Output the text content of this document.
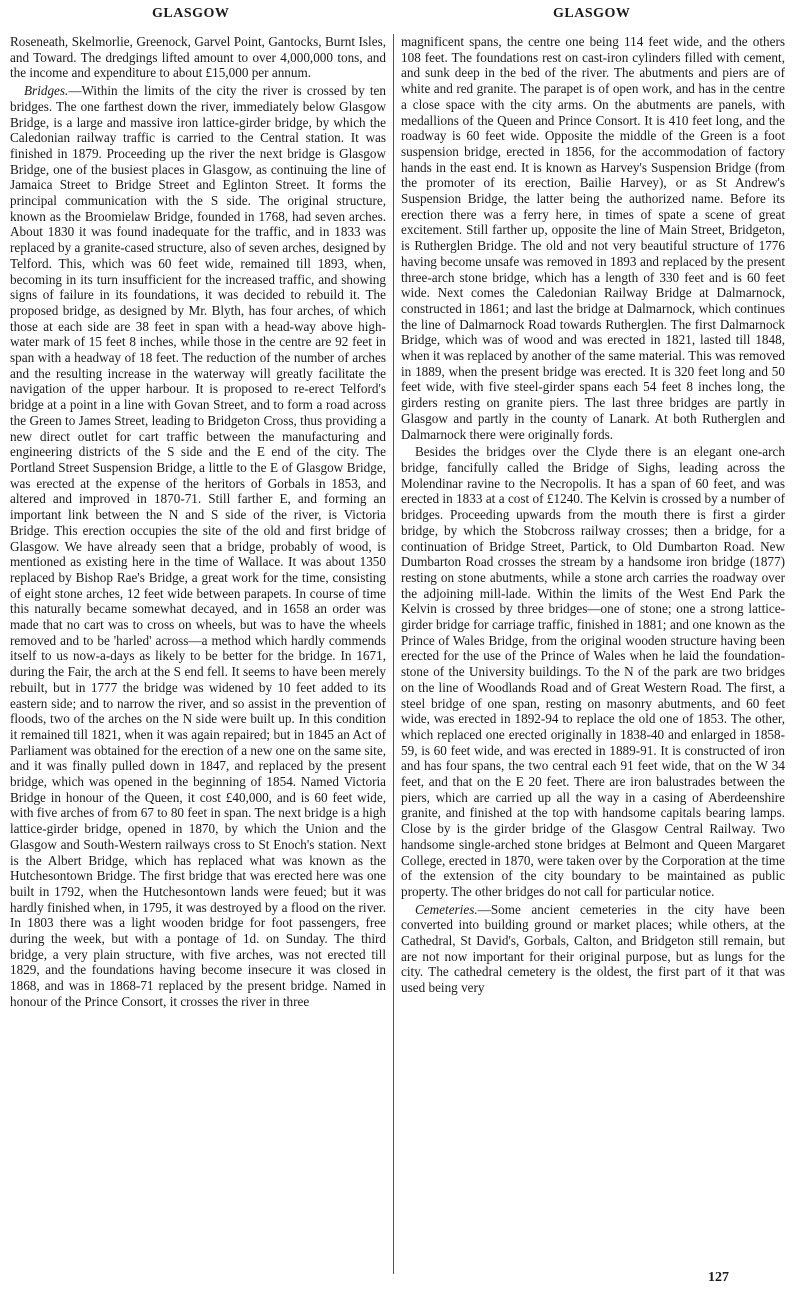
GLASGOW	GLASGOW

Roseneath, Skelmorlie, Greenock, Garvel Point, Gantocks, Burnt Isles, and Toward. The dredgings lifted amount to over 4,000,000 tons, and the income and expenditure to about £15,000 per annum.

Bridges.—Within the limits of the city the river is crossed by ten bridges. The one farthest down the river, immediately below Glasgow Bridge, is a large and massive iron lattice-girder bridge, by which the Caledonian railway traffic is carried to the Central station. It was finished in 1879. Proceeding up the river the next bridge is Glasgow Bridge, one of the busiest places in Glasgow, as continuing the line of Jamaica Street to Bridge Street and Eglinton Street. It forms the principal communication with the S side. The original structure, known as the Broomielaw Bridge, founded in 1768, had seven arches. About 1830 it was found inadequate for the traffic, and in 1833 was replaced by a granite-cased structure, also of seven arches, designed by Telford. This, which was 60 feet wide, remained till 1893, when, becoming in its turn insufficient for the increased traffic, and showing signs of failure in its foundations, it was decided to rebuild it. The proposed bridge, as designed by Mr. Blyth, has four arches, of which those at each side are 38 feet in span with a head-way above high-water mark of 15 feet 8 inches, while those in the centre are 92 feet in span with a headway of 18 feet. The reduction of the number of arches and the resulting increase in the waterway will greatly facilitate the navigation of the upper harbour. It is proposed to re-erect Telford's bridge at a point in a line with Govan Street, and to form a road across the Green to James Street, leading to Bridgeton Cross, thus providing a new direct outlet for cart traffic between the manufacturing and engineering districts of the S side and the E end of the city. The Portland Street Suspension Bridge, a little to the E of Glasgow Bridge, was erected at the expense of the heritors of Gorbals in 1853, and altered and improved in 1870-71. Still farther E, and forming an important link between the N and S side of the river, is Victoria Bridge. This erection occupies the site of the old and first bridge of Glasgow. We have already seen that a bridge, probably of wood, is mentioned as existing here in the time of Wallace. It was about 1350 replaced by Bishop Rae's Bridge, a great work for the time, consisting of eight stone arches, 12 feet wide between parapets. In course of time this naturally became somewhat decayed, and in 1658 an order was made that no cart was to cross on wheels, but was to have the wheels removed and to be 'harled' across—a method which hardly commends itself to us now-a-days as likely to be better for the bridge. In 1671, during the Fair, the arch at the S end fell. It seems to have been merely rebuilt, but in 1777 the bridge was widened by 10 feet added to its eastern side; and to narrow the river, and so assist in the prevention of floods, two of the arches on the N side were built up. In this condition it remained till 1821, when it was again repaired; but in 1845 an Act of Parliament was obtained for the erection of a new one on the same site, and it was finally pulled down in 1847, and replaced by the present bridge, which was opened in the beginning of 1854. Named Victoria Bridge in honour of the Queen, it cost £40,000, and is 60 feet wide, with five arches of from 67 to 80 feet in span. The next bridge is a high lattice-girder bridge, opened in 1870, by which the Union and the Glasgow and South-Western railways cross to St Enoch's station. Next is the Albert Bridge, which has replaced what was known as the Hutchesontown Bridge. The first bridge that was erected here was one built in 1792, when the Hutchesontown lands were feued; but it was hardly finished when, in 1795, it was destroyed by a flood on the river. In 1803 there was a light wooden bridge for foot passengers, free during the week, but with a pontage of 1d. on Sunday. The third bridge, a very plain structure, with five arches, was not erected till 1829, and the foundations having become insecure it was closed in 1868, and was in 1868-71 replaced by the present bridge. Named in honour of the Prince Consort, it crosses the river in three

magnificent spans, the centre one being 114 feet wide, and the others 108 feet. The foundations rest on cast-iron cylinders filled with cement, and sunk deep in the bed of the river. The abutments and piers are of white and red granite. The parapet is of open work, and has in the centre a close space with the city arms. On the abutments are panels, with medallions of the Queen and Prince Consort. It is 410 feet long, and the roadway is 60 feet wide. Opposite the middle of the Green is a foot suspension bridge, erected in 1856, for the accommodation of factory hands in the east end. It is known as Harvey's Suspension Bridge (from the promoter of its erection, Bailie Harvey), or as St Andrew's Suspension Bridge, the latter being the authorized name. Before its erection there was a ferry here, in times of spate a scene of great excitement. Still farther up, opposite the line of Main Street, Bridgeton, is Rutherglen Bridge. The old and not very beautiful structure of 1776 having become unsafe was removed in 1893 and replaced by the present three-arch stone bridge, which has a length of 330 feet and is 60 feet wide. Next comes the Caledonian Railway Bridge at Dalmarnock, constructed in 1861; and last the bridge at Dalmarnock, which continues the line of Dalmarnock Road towards Rutherglen. The first Dalmarnock Bridge, which was of wood and was erected in 1821, lasted till 1848, when it was replaced by another of the same material. This was removed in 1889, when the present bridge was erected. It is 320 feet long and 50 feet wide, with five steel-girder spans each 54 feet 8 inches long, the girders resting on granite piers. The last three bridges are partly in Glasgow and partly in the county of Lanark. At both Rutherglen and Dalmarnock there were originally fords.

Besides the bridges over the Clyde there is an elegant one-arch bridge, fancifully called the Bridge of Sighs, leading across the Molendinar ravine to the Necropolis. It has a span of 60 feet, and was erected in 1833 at a cost of £1240. The Kelvin is crossed by a number of bridges. Proceeding upwards from the mouth there is first a girder bridge, by which the Stobcross railway crosses; then a bridge, for a continuation of Bridge Street, Partick, to Old Dumbarton Road. New Dumbarton Road crosses the stream by a handsome iron bridge (1877) resting on stone abutments, while a stone arch carries the roadway over the adjoining mill-lade. Within the limits of the West End Park the Kelvin is crossed by three bridges—one of stone; one a strong lattice-girder bridge for carriage traffic, finished in 1881; and one known as the Prince of Wales Bridge, from the original wooden structure having been erected for the use of the Prince of Wales when he laid the foundation-stone of the University buildings. To the N of the park are two bridges on the line of Woodlands Road and of Great Western Road. The first, a steel bridge of one span, resting on masonry abutments, and 60 feet wide, was erected in 1892-94 to replace the old one of 1853. The other, which replaced one erected originally in 1838-40 and enlarged in 1858-59, is 60 feet wide, and was erected in 1889-91. It is constructed of iron and has four spans, the two central each 91 feet wide, that on the W 34 feet, and that on the E 20 feet. There are iron balustrades between the piers, which are carried up all the way in a casing of Aberdeenshire granite, and finished at the top with handsome capitals bearing lamps. Close by is the girder bridge of the Glasgow Central Railway. Two handsome single-arched stone bridges at Belmont and Queen Margaret College, erected in 1870, were taken over by the Corporation at the time of the extension of the city boundary to be maintained as public property. The other bridges do not call for particular notice.

Cemeteries.—Some ancient cemeteries in the city have been converted into building ground or market places; while others, at the Cathedral, St David's, Gorbals, Calton, and Bridgeton still remain, but are not now important for their original purpose, but as lungs for the city. The cathedral cemetery is the oldest, the first part of it that was used being very

127
